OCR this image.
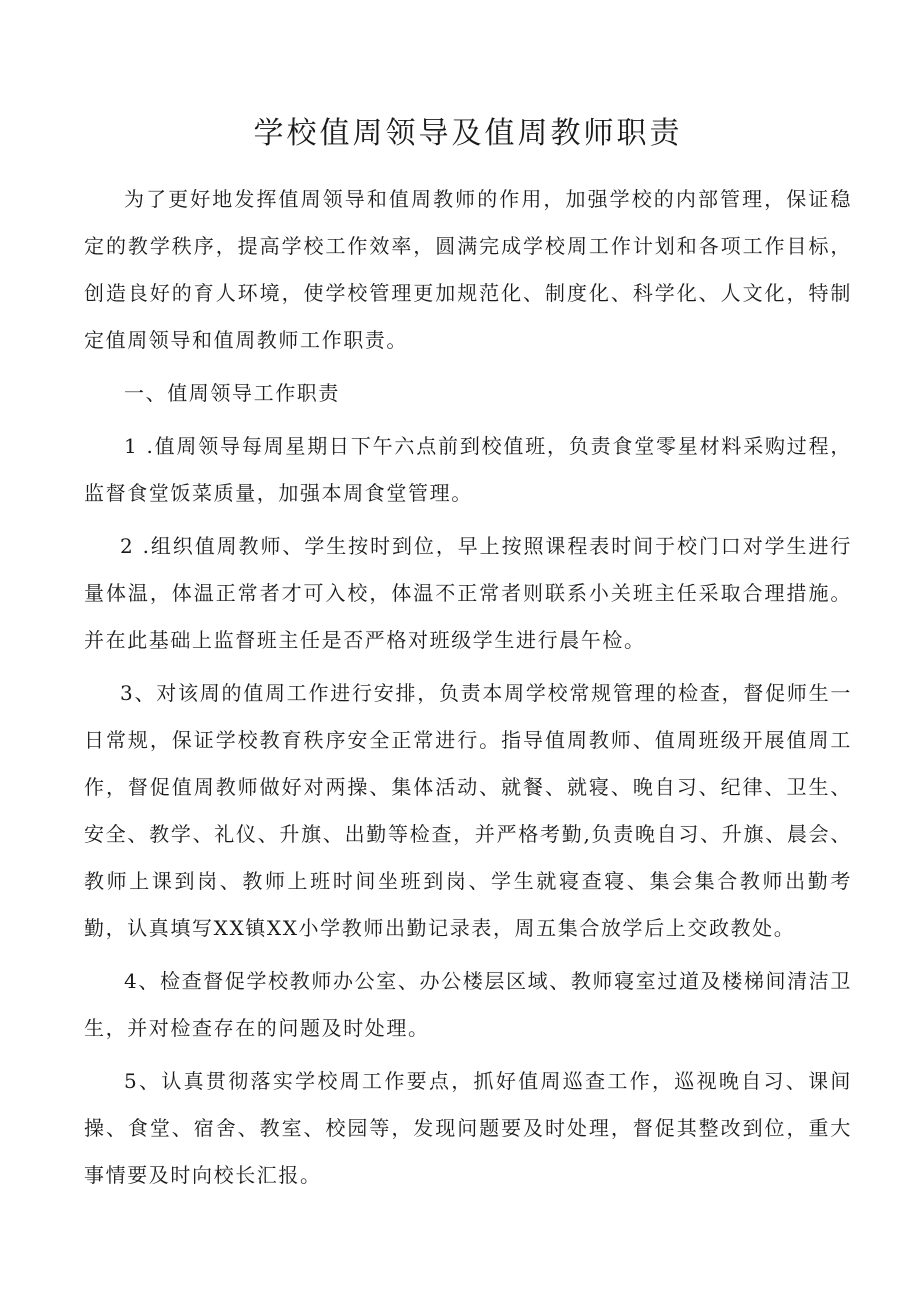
学校值周领导及值周教师职责

为了更好地发挥值周领导和值周教师的作用，加强学校的内部管理，保证稳定的教学秩序，提高学校工作效率，圆满完成学校周工作计划和各项工作目标，创造良好的育人环境，使学校管理更加规范化、制度化、科学化、人文化，特制定值周领导和值周教师工作职责。

一、值周领导工作职责

1 .值周领导每周星期日下午六点前到校值班，负责食堂零星材料采购过程，监督食堂饭菜质量，加强本周食堂管理。

2 .组织值周教师、学生按时到位，早上按照课程表时间于校门口对学生进行量体温，体温正常者才可入校，体温不正常者则联系小关班主任采取合理措施。并在此基础上监督班主任是否严格对班级学生进行晨午检。

3、对该周的值周工作进行安排，负责本周学校常规管理的检查，督促师生一日常规，保证学校教育秩序安全正常进行。指导值周教师、值周班级开展值周工作，督促值周教师做好对两操、集体活动、就餐、就寝、晚自习、纪律、卫生、安全、教学、礼仪、升旗、出勤等检查，并严格考勤,负责晚自习、升旗、晨会、教师上课到岗、教师上班时间坐班到岗、学生就寝查寝、集会集合教师出勤考勤，认真填写XX镇XX小学教师出勤记录表，周五集合放学后上交政教处。

4、检查督促学校教师办公室、办公楼层区域、教师寝室过道及楼梯间清洁卫生，并对检查存在的问题及时处理。

5、认真贯彻落实学校周工作要点，抓好值周巡查工作，巡视晚自习、课间操、食堂、宿舍、教室、校园等，发现问题要及时处理，督促其整改到位，重大事情要及时向校长汇报。
